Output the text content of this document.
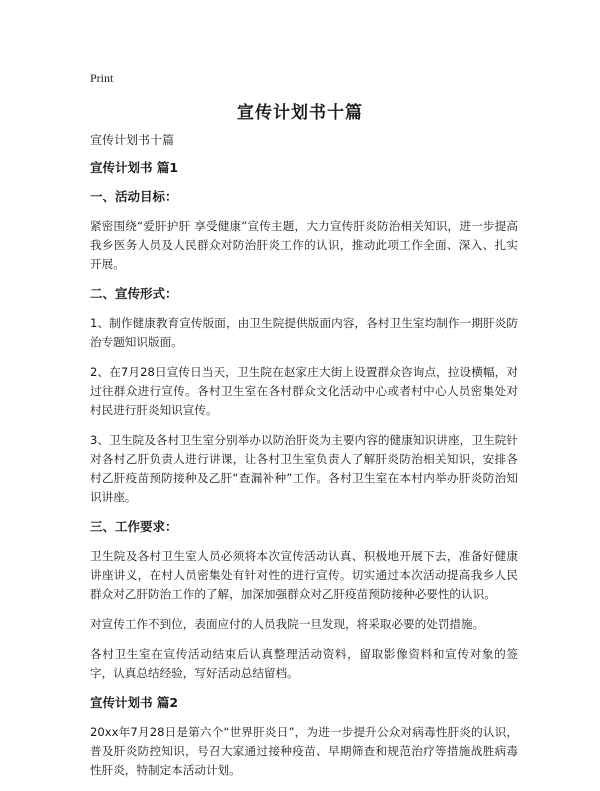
Print
宣传计划书十篇
宣传计划书十篇
宣传计划书 篇1
一、活动目标：
紧密围绕“爱肝护肝 享受健康”宣传主题，大力宣传肝炎防治相关知识，进一步提高我乡医务人员及人民群众对防治肝炎工作的认识，推动此项工作全面、深入、扎实开展。
二、宣传形式：
1、制作健康教育宣传版面，由卫生院提供版面内容，各村卫生室均制作一期肝炎防治专题知识版面。
2、在7月28日宣传日当天，卫生院在赵家庄大街上设置群众咨询点，拉设横幅，对过往群众进行宣传。各村卫生室在各村群众文化活动中心或者村中心人员密集处对村民进行肝炎知识宣传。
3、卫生院及各村卫生室分别举办以防治肝炎为主要内容的健康知识讲座，卫生院针对各村乙肝负责人进行讲课，让各村卫生室负责人了解肝炎防治相关知识，安排各村乙肝疫苗预防接种及乙肝“查漏补种”工作。各村卫生室在本村内举办肝炎防治知识讲座。
三、工作要求：
卫生院及各村卫生室人员必须将本次宣传活动认真、积极地开展下去，准备好健康讲座讲义，在村人员密集处有针对性的进行宣传。切实通过本次活动提高我乡人民群众对乙肝防治工作的了解，加深加强群众对乙肝疫苗预防接种必要性的认识。
对宣传工作不到位，表面应付的人员我院一旦发现，将采取必要的处罚措施。
各村卫生室在宣传活动结束后认真整理活动资料，留取影像资料和宣传对象的签字，认真总结经验，写好活动总结留档。
宣传计划书 篇2
20xx年7月28日是第六个“世界肝炎日”，为进一步提升公众对病毒性肝炎的认识，普及肝炎防控知识，号召大家通过接种疫苗、早期筛查和规范治疗等措施战胜病毒性肝炎，特制定本活动计划。
